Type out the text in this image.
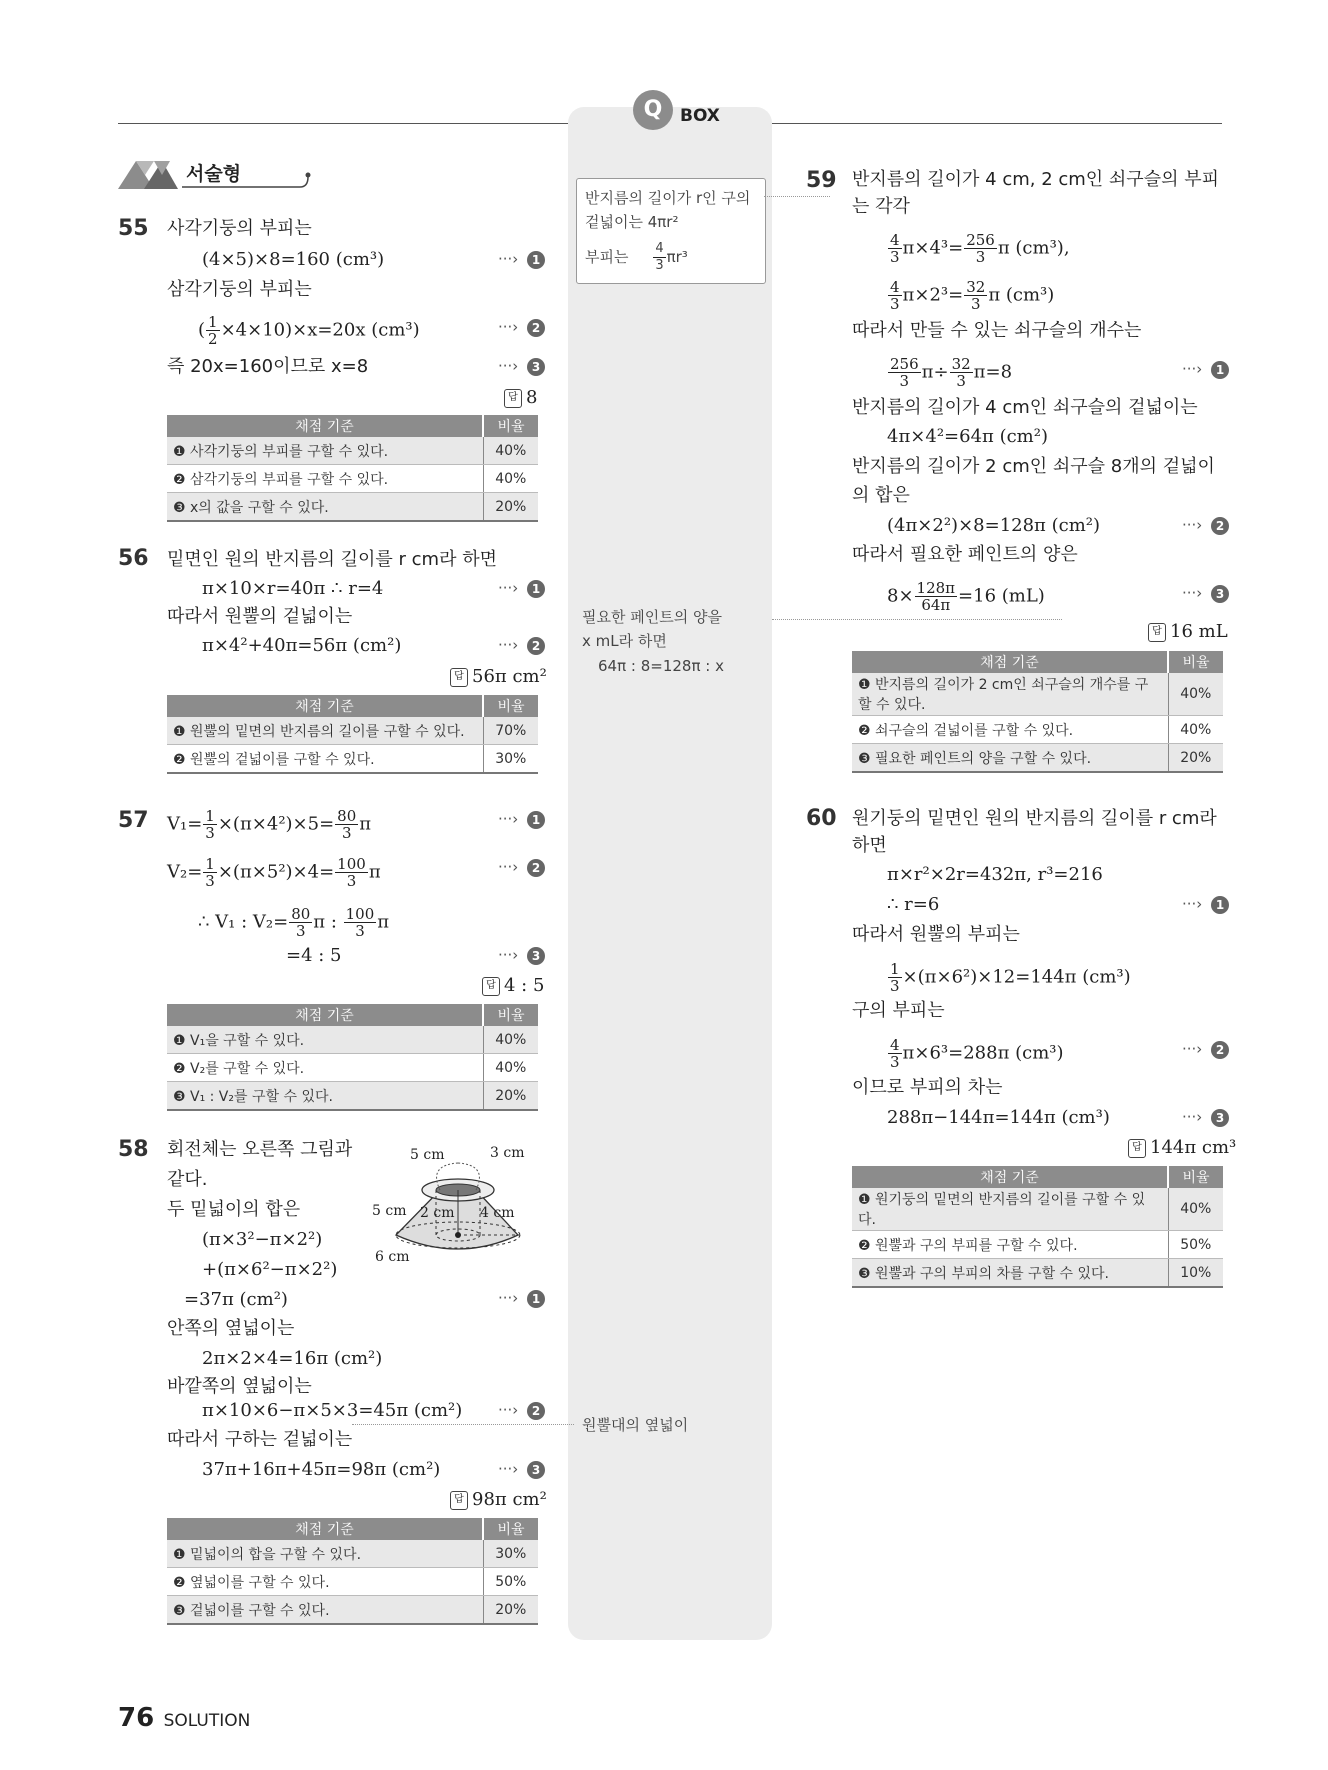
Q	BOX
서술형
55 사각기둥의 부피는
(4×5)×8=160 (cm³)	···› 1
삼각기둥의 부피는
( $\frac{1}{2} \times 4\times 10)\times x=20x$ (cm³)	···› 2
즉 20x=160이므로 x=8	···› 3
답 8
채점 기준	비율
❶ 사각기둥의 부피를 구할 수 있다.	40%
❷ 삼각기둥의 부피를 구할 수 있다.	40%
❸ x의 값을 구할 수 있다.	20%
56 밑면인 원의 반지름의 길이를 r cm라 하면
π×10×r=40π ∴ r=4	···› 1
따라서 원뿔의 겉넓이는
π×4²+40π=56π (cm²)	···› 2
답 56π cm²
채점 기준	비율
❶ 원뿔의 밑면의 반지름의 길이를 구할 수 있다.	70%
❷ 원뿔의 겉넓이를 구할 수 있다.	30%
57 $V_1= \frac{1}{3} \times(\pi\times 4^2)\times 5= \frac{80}{3}$ π	···› 1
$V_2= \frac{1}{3} \times(\pi\times 5^2)\times 4= \frac{100}{3}$ π	···› 2
∴ V₁ : $V_2= \frac{80}{3}$ π : $\frac{100}{3}$ π
=4 : 5	···› 3
답 4 : 5
채점 기준	비율
❶ V₁을 구할 수 있다.	40%
❷ V₂를 구할 수 있다.	40%
❸ V₁ : V₂를 구할 수 있다.	20%
58 회전체는 오른쪽 그림과
같다.
두 밑넓이의 합은
(π×3²−π×2²)
+(π×6²−π×2²)
=37π (cm²)	···› 1
안쪽의 옆넓이는
2π×2×4=16π (cm²)
바깥쪽의 옆넓이는
π×10×6−π×5×3=45π (cm²) ···› 2
따라서 구하는 겉넓이는
37π+16π+45π=98π (cm²)	···› 3
답 98π cm²
5 cm	3 cm
5 cm 2 cm 4 cm
6 cm
채점 기준	비율
❶ 밑넓이의 합을 구할 수 있다.	30%
❷ 옆넓이를 구할 수 있다.	50%
❸ 겉넓이를 구할 수 있다.	20%
반지름의 길이가 r인 구의
겉넓이는 4πr²
부피는 $\frac{4}{3} \pi r^3$
필요한 페인트의 양을
x mL라 하면
64π : 8=128π : x
원뿔대의 옆넓이
59 반지름의 길이가 4 cm, 2 cm인 쇠구슬의 부피
는 각각
$\frac{4}{3} \pi\times 4^3= \frac{256}{3}$ π (cm³),
$\frac{4}{3} \pi\times 2^3= \frac{32}{3}$ π (cm³)
따라서 만들 수 있는 쇠구슬의 개수는
$\frac{256}{3} \pi\div \frac{32}{3} \pi=8$	···› 1
반지름의 길이가 4 cm인 쇠구슬의 겉넓이는
4π×4²=64π (cm²)
반지름의 길이가 2 cm인 쇠구슬 8개의 겉넓이
의 합은
(4π×2²)×8=128π (cm²)	···› 2
따라서 필요한 페인트의 양은
$8\times \frac{128\pi}{64\pi} =16$ (mL)	···› 3
답 16 mL
채점 기준	비율
❶ 반지름의 길이가 2 cm인 쇠구슬의 개수를 구할 수 있다.	40%
❷ 쇠구슬의 겉넓이를 구할 수 있다.	40%
❸ 필요한 페인트의 양을 구할 수 있다.	20%
60 원기둥의 밑면인 원의 반지름의 길이를 r cm라
하면
π×r²×2r=432π, r³=216
∴ r=6	···› 1
따라서 원뿔의 부피는
$\frac{1}{3} \times(\pi\times 6^2)\times 12=144\pi$ (cm³)
구의 부피는
$\frac{4}{3} \pi\times 6^3=288\pi$ (cm³)	···› 2
이므로 부피의 차는
288π−144π=144π (cm³)	···› 3
답 144π cm³
채점 기준	비율
❶ 원기둥의 밑면의 반지름의 길이를 구할 수 있다.	40%
❷ 원뿔과 구의 부피를 구할 수 있다.	50%
❸ 원뿔과 구의 부피의 차를 구할 수 있다.	10%
76 SOLUTION
